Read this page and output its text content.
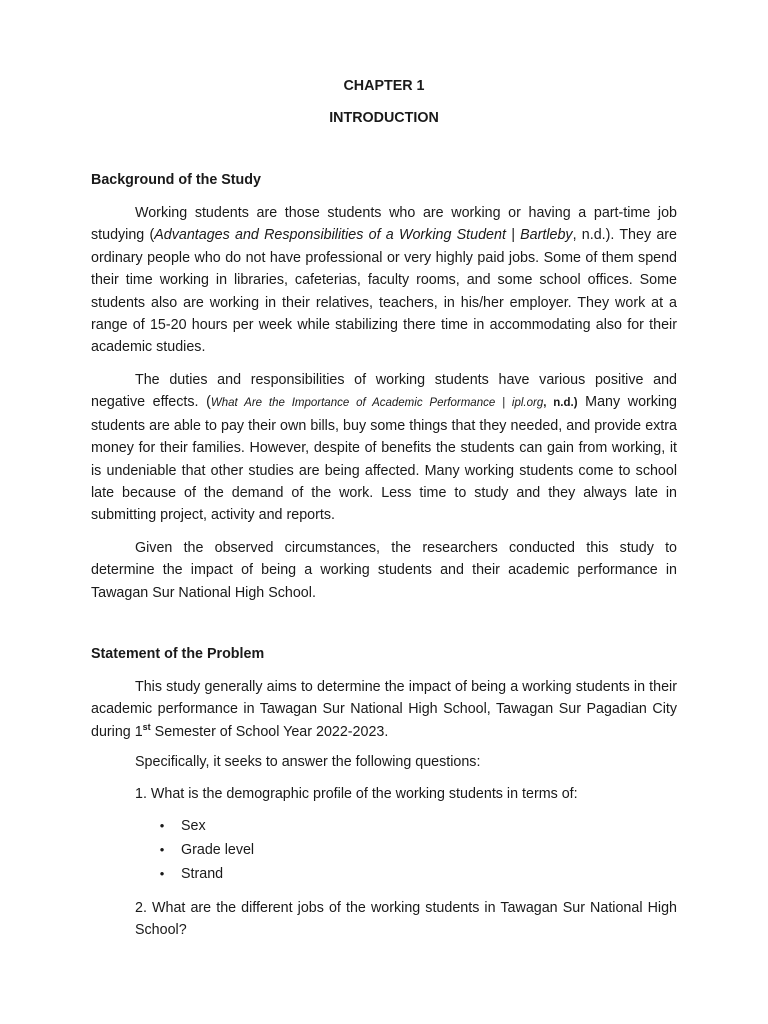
CHAPTER 1
INTRODUCTION
Background of the Study
Working students are those students who are working or having a part-time job studying (Advantages and Responsibilities of a Working Student | Bartleby, n.d.). They are ordinary people who do not have professional or very highly paid jobs. Some of them spend their time working in libraries, cafeterias, faculty rooms, and some school offices. Some students also are working in their relatives, teachers, in his/her employer. They work at a range of 15-20 hours per week while stabilizing there time in accommodating also for their academic studies.
The duties and responsibilities of working students have various positive and negative effects. (What Are the Importance of Academic Performance | ipl.org, n.d.) Many working students are able to pay their own bills, buy some things that they needed, and provide extra money for their families. However, despite of benefits the students can gain from working, it is undeniable that other studies are being affected. Many working students come to school late because of the demand of the work. Less time to study and they always late in submitting project, activity and reports.
Given the observed circumstances, the researchers conducted this study to determine the impact of being a working students and their academic performance in Tawagan Sur National High School.
Statement of the Problem
This study generally aims to determine the impact of being a working students in their academic performance in Tawagan Sur National High School, Tawagan Sur Pagadian City during 1st Semester of School Year 2022-2023.
Specifically, it seeks to answer the following questions:
1. What is the demographic profile of the working students in terms of:
• Sex
• Grade level
• Strand
2. What are the different jobs of the working students in Tawagan Sur National High School?
